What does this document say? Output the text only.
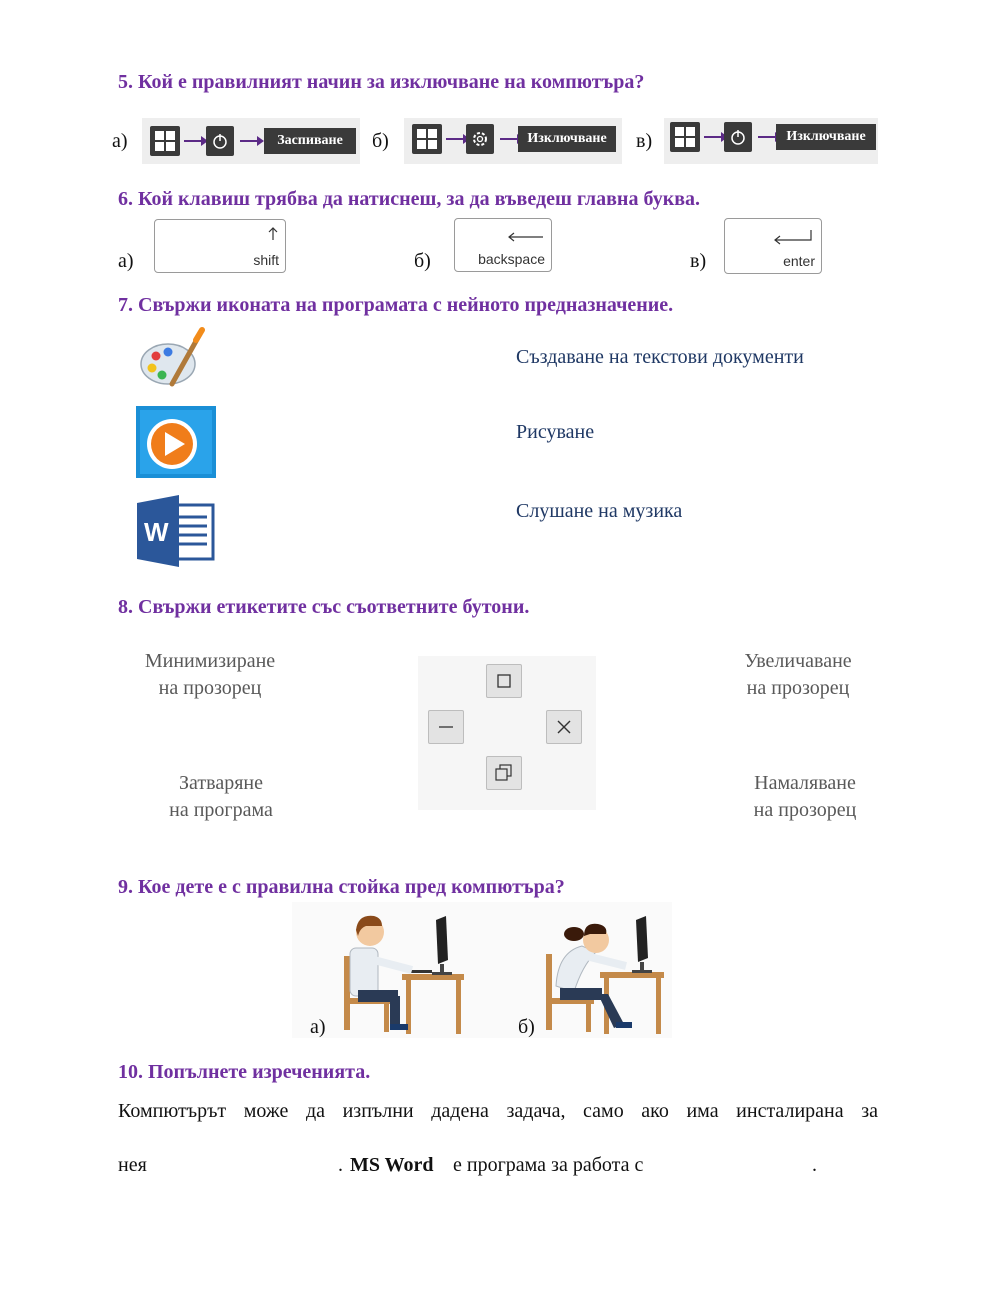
5. Кой е правилният начин за изключване на компютъра?
а)	Заспиване	б)	Изключване	в)	Изключване
6. Кой клавиш трябва да натиснеш, за да въведеш главна буква.
а)	shift	б)	backspace	в)	enter
7. Свържи иконата на програмата с нейното предназначение.
W
Създаване на текстови документи
Рисуване
Слушане на музика
8. Свържи етикетите със съответните бутони.
Минимизиране
на прозорец
Увеличаване
на прозорец
Затваряне
на програма
Намаляване
на прозорец
9. Кое дете е с правилна стойка пред компютъра?
а)	б)
10. Попълнете изреченията.
Компютърът може да изпълни дадена задача, само ако има инсталирана за
нея	. MS Word е програма за работа с	.
